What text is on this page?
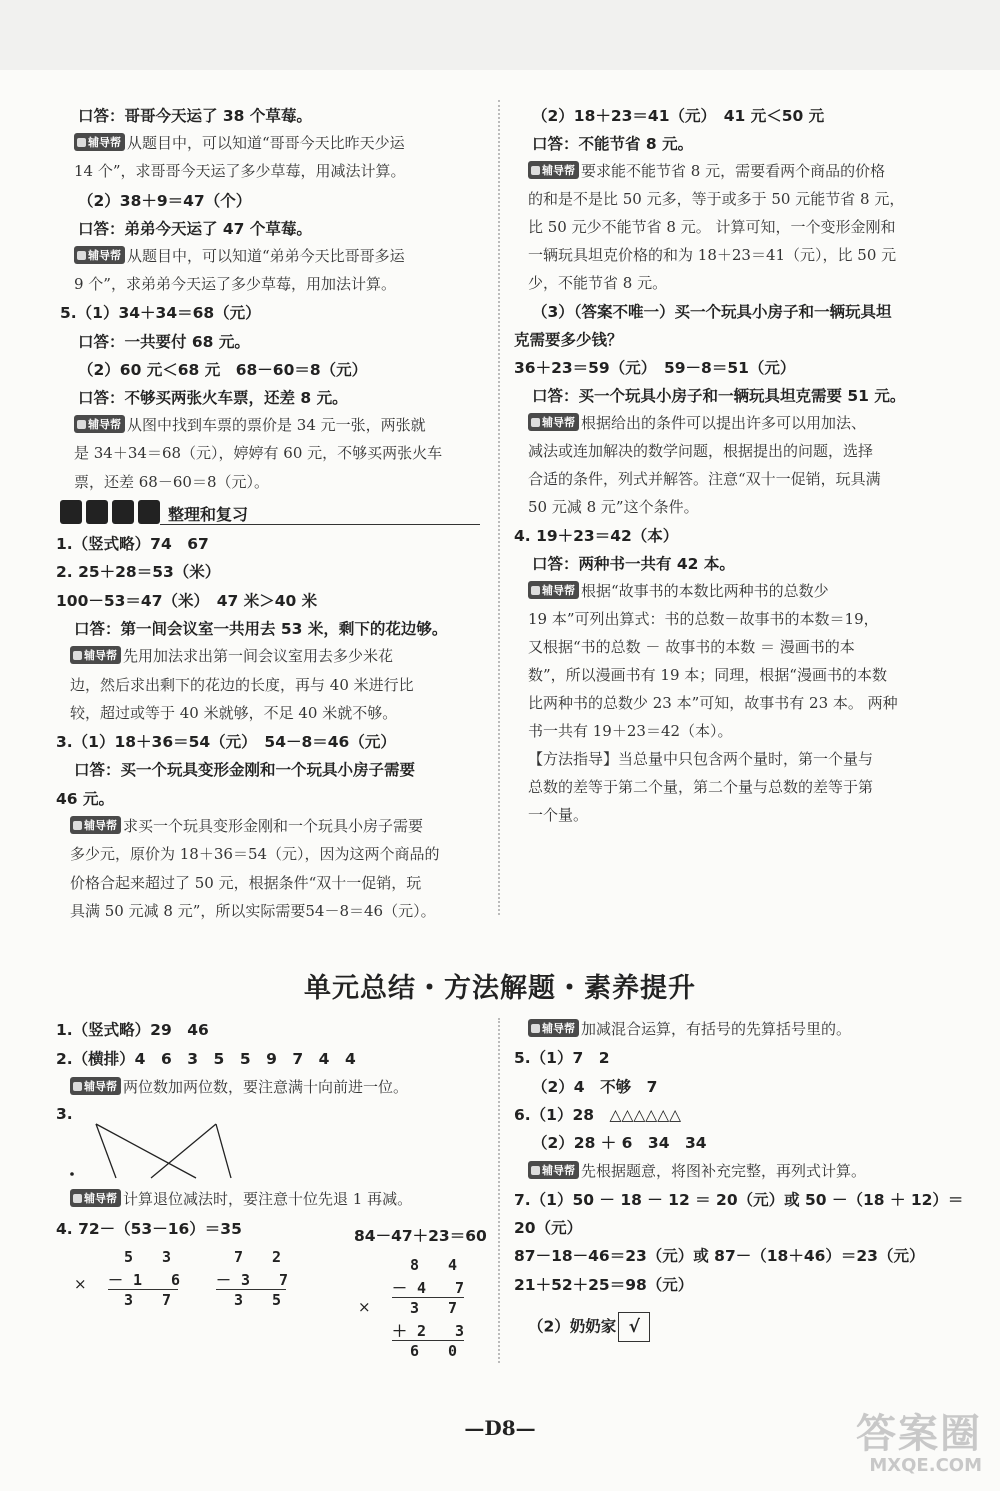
口答：哥哥今天运了 38 个草莓。
辅导帮 从题目中，可以知道“哥哥今天比昨天少运
14 个”，求哥哥今天运了多少草莓，用减法计算。
（2）38＋9＝47（个）
口答：弟弟今天运了 47 个草莓。
辅导帮 从题目中，可以知道“弟弟今天比哥哥多运
9 个”，求弟弟今天运了多少草莓，用加法计算。
5.（1）34＋34＝68（元）
口答：一共要付 68 元。
（2）60 元＜68 元　68－60＝8（元）
口答：不够买两张火车票，还差 8 元。
辅导帮 从图中找到车票的票价是 34 元一张，两张就
是 34＋34＝68（元），婷婷有 60 元，不够买两张火车
票，还差 68－60＝8（元）。
整理和复习
1.（竖式略）74　67
2. 25＋28＝53（米）
100－53＝47（米）　47 米＞40 米
口答：第一间会议室一共用去 53 米，剩下的花边够。
辅导帮 先用加法求出第一间会议室用去多少米花
边，然后求出剩下的花边的长度，再与 40 米进行比
较，超过或等于 40 米就够，不足 40 米就不够。
3.（1）18＋36＝54（元）　54－8＝46（元）
口答：买一个玩具变形金刚和一个玩具小房子需要
46 元。
辅导帮 求买一个玩具变形金刚和一个玩具小房子需要
多少元，原价为 18＋36＝54（元），因为这两个商品的
价格合起来超过了 50 元，根据条件“双十一促销，玩
具满 50 元减 8 元”，所以实际需要54－8＝46（元）。
（2）18＋23＝41（元）　41 元＜50 元
口答：不能节省 8 元。
辅导帮 要求能不能节省 8 元，需要看两个商品的价格
的和是不是比 50 元多，等于或多于 50 元能节省 8 元，
比 50 元少不能节省 8 元。 计算可知，一个变形金刚和
一辆玩具坦克价格的和为 18＋23＝41（元），比 50 元
少，不能节省 8 元。
（3）（答案不唯一）买一个玩具小房子和一辆玩具坦
克需要多少钱？
36＋23＝59（元）　59－8＝51（元）
口答：买一个玩具小房子和一辆玩具坦克需要 51 元。
辅导帮 根据给出的条件可以提出许多可以用加法、
减法或连加解决的数学问题，根据提出的问题，选择
合适的条件，列式并解答。注意“双十一促销，玩具满
50 元减 8 元”这个条件。
4. 19＋23＝42（本）
口答：两种书一共有 42 本。
辅导帮 根据“故事书的本数比两种书的总数少
19 本”可列出算式：书的总数－故事书的本数＝19，
又根据“书的总数 － 故事书的本数 ＝ 漫画书的本
数”，所以漫画书有 19 本；同理，根据“漫画书的本数
比两种书的总数少 23 本”可知，故事书有 23 本。 两种
书一共有 19＋23＝42（本）。
【方法指导】当总量中只包含两个量时，第一个量与
总数的差等于第二个量，第二个量与总数的差等于第
一个量。
单元总结・方法解题・素养提升
1.（竖式略）29　46
2.（横排）4　6　3　5　5　9　7　4　4
辅导帮 两位数加两位数，要注意满十向前进一位。
3.
辅导帮 计算退位减法时，要注意十位先退 1 再减。
4. 72－（53－16）＝35	84－47＋23＝60
5 3
－1 6
3 7
×
7 2
－3 7
3 5
8 4
－4 7
3 7
＋2 3
6 0
×
辅导帮 加减混合运算，有括号的先算括号里的。
5.（1）7　2
（2）4　不够　7
6.（1）28　△△△△△△
（2）28 ＋ 6　34　34
辅导帮 先根据题意，将图补充完整，再列式计算。
7.（1）50 － 18 － 12 ＝ 20（元）或 50 －（18 ＋ 12）＝
20（元）
87－18－46＝23（元）或 87－（18＋46）＝23（元）
21＋52＋25＝98（元）
（2）奶奶家 √
—D8—	答案圈
MXQE.COM
